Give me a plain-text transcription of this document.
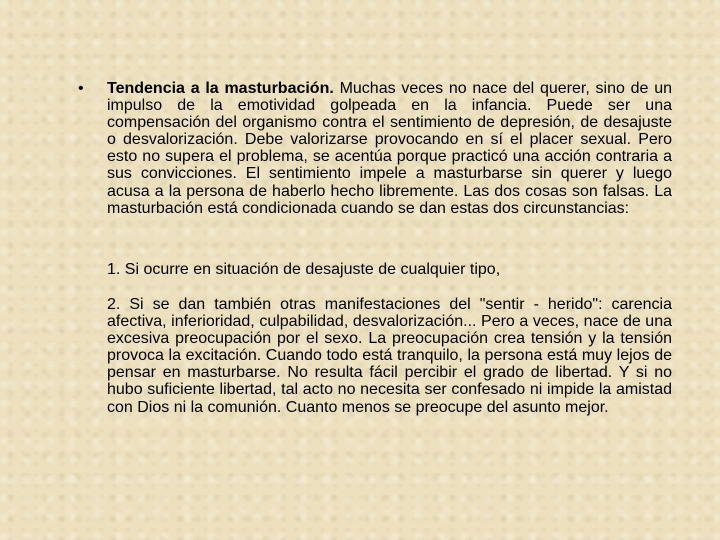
• Tendencia a la masturbación. Muchas veces no nace del querer, sino de un impulso de la emotividad golpeada en la infancia. Puede ser una compensación del organismo contra el sentimiento de depresión, de desajuste o desvalorización. Debe valorizarse provocando en sí el placer sexual. Pero esto no supera el problema, se acentúa porque practicó una acción contraria a sus convicciones. El sentimiento impele a masturbarse sin querer y luego acusa a la persona de haberlo hecho libremente. Las dos cosas son falsas. La masturbación está condicionada cuando se dan estas dos circunstancias:

1. Si ocurre en situación de desajuste de cualquier tipo,

2. Si se dan también otras manifestaciones del "sentir - herido": carencia afectiva, inferioridad, culpabilidad, desvalorización... Pero a veces, nace de una excesiva preocupación por el sexo. La preocupación crea tensión y la tensión provoca la excitación. Cuando todo está tranquilo, la persona está muy lejos de pensar en masturbarse. No resulta fácil percibir el grado de libertad. Y si no hubo suficiente libertad, tal acto no necesita ser confesado ni impide la amistad con Dios ni la comunión. Cuanto menos se preocupe del asunto mejor.
